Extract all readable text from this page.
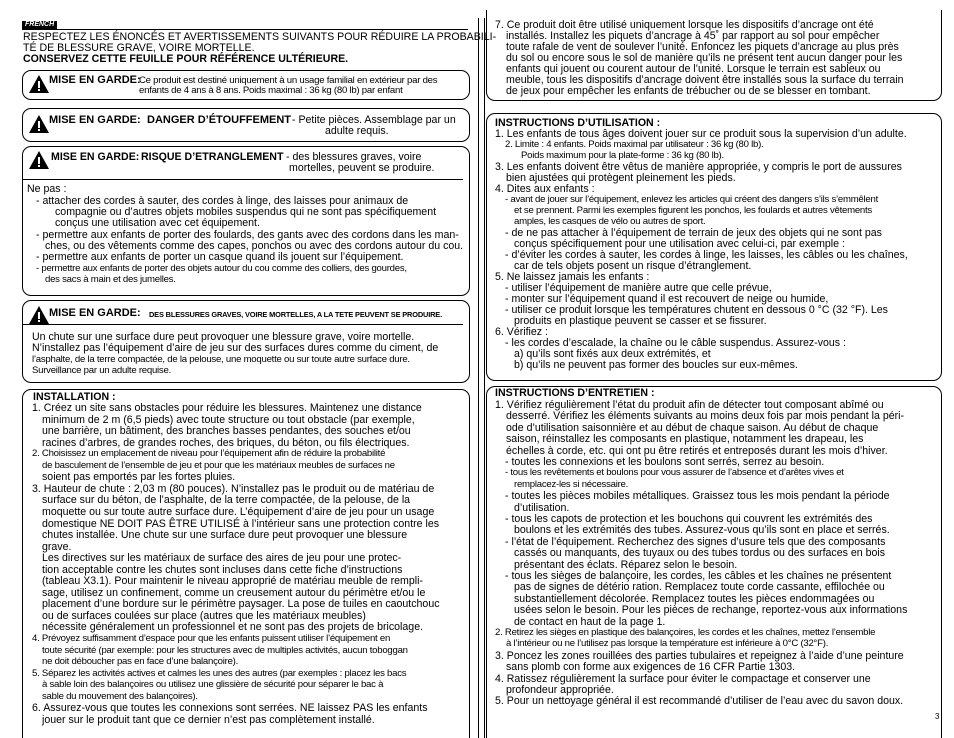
FRENCH
RESPECTEZ LES ÉNONCÉS ET AVERTISSEMENTS SUIVANTS POUR RÉDUIRE LA PROBABILI-
TÉ DE BLESSURE GRAVE, VOIRE MORTELLE.
CONSERVEZ CETTE FEUILLE POUR RÉFÉRENCE ULTÉRIEURE.
MISE EN GARDE:
Ce produit est destiné uniquement à un usage familial en extérieur par des
enfants de 4 ans à 8 ans. Poids maximal : 36 kg (80 lb) par enfant
MISE EN GARDE: DANGER D’ÉTOUFFEMENT - Petite pièces. Assemblage par un
adulte requis.
MISE EN GARDE: RISQUE D’ETRANGLEMENT - des blessures graves, voire
mortelles, peuvent se produire.
Ne pas :
- attacher des cordes à sauter, des cordes à linge, des laisses pour animaux de
compagnie ou d’autres objets mobiles suspendus qui ne sont pas spécifiquement
conçus une utilisation avec cet équipement.
- permettre aux enfants de porter des foulards, des gants avec des cordons dans les man-
ches, ou des vêtements comme des capes, ponchos ou avec des cordons autour du cou.
- permettre aux enfants de porter un casque quand ils jouent sur l’équipement.
- permettre aux enfants de porter des objets autour du cou comme des colliers, des gourdes,
des sacs à main et des jumelles.
MISE EN GARDE: DES BLESSURES GRAVES, VOIRE MORTELLES, A LA TETE PEUVENT SE PRODUIRE.
Un chute sur une surface dure peut provoquer une blessure grave, voire mortelle.
N’installez pas l’équipement d’aire de jeu sur des surfaces dures comme du ciment, de
l’asphalte, de la terre compactée, de la pelouse, une moquette ou sur toute autre surface dure.
Surveillance par un adulte requise.
INSTALLATION :
1. Créez un site sans obstacles pour réduire les blessures. Maintenez une distance
minimum de 2 m (6,5 pieds) avec toute structure ou tout obstacle (par exemple,
une barrière, un bâtiment, des branches basses pendantes, des souches et/ou
racines d’arbres, de grandes roches, des briques, du béton, ou fils électriques.
2. Choisissez un emplacement de niveau pour l’équipement afin de réduire la probabilité
de basculement de l’ensemble de jeu et pour que les matériaux meubles de surfaces ne
soient pas emportés par les fortes pluies.
3. Hauteur de chute : 2,03 m (80 pouces). N’installez pas le produit ou de matériau de
surface sur du béton, de l’asphalte, de la terre compactée, de la pelouse, de la
moquette ou sur toute autre surface dure. L’équipement d’aire de jeu pour un usage
domestique NE DOIT PAS ÊTRE UTILISÉ à l’intérieur sans une protection contre les
chutes installée. Une chute sur une surface dure peut provoquer une blessure
grave.
Les directives sur les matériaux de surface des aires de jeu pour une protec-
tion acceptable contre les chutes sont incluses dans cette fiche d’instructions
(tableau X3.1). Pour maintenir le niveau approprié de matériau meuble de rempli-
sage, utilisez un confinement, comme un creusement autour du périmètre et/ou le
placement d’une bordure sur le périmètre paysager. La pose de tuiles en caoutchouc
ou de surfaces coulées sur place (autres que les matériaux meubles)
nécessite généralement un professionnel et ne sont pas des projets de bricolage.
4. Prévoyez suffisamment d’espace pour que les enfants puissent utiliser l’équipement en
toute sécurité (par exemple: pour les structures avec de multiples activités, aucun toboggan
ne doit déboucher pas en face d’une balançoire).
5. Séparez les activités actives et calmes les unes des autres (par exemples : placez les bacs
à sable loin des balançoires ou utilisez une glissière de sécurité pour séparer le bac à
sable du mouvement des balançoires).
6. Assurez-vous que toutes les connexions sont serrées. NE laissez PAS les enfants
jouer sur le produit tant que ce dernier n’est pas complètement installé.
7. Ce produit doit être utilisé uniquement lorsque les dispositifs d’ancrage ont été
installés. Installez les piquets d’ancrage à 45˚ par rapport au sol pour empêcher
toute rafale de vent de soulever l’unité. Enfoncez les piquets d’ancrage au plus près
du sol ou encore sous le sol de manière qu’ils ne présent tent aucun danger pour les
enfants qui jouent ou courent autour de l’unité. Lorsque le terrain est sableux ou
meuble, tous les dispositifs d’ancrage doivent être installés sous la surface du terrain
de jeux pour empêcher les enfants de trébucher ou de se blesser en tombant.
INSTRUCTIONS D’UTILISATION :
1. Les enfants de tous âges doivent jouer sur ce produit sous la supervision d’un adulte.
2. Limite : 4 enfants. Poids maximal par utilisateur : 36 kg (80 lb).
Poids maximum pour la plate-forme : 36 kg (80 lb).
3. Les enfants doivent être vêtus de manière appropriée, y compris le port de aussures
bien ajustées qui protègent pleinement les pieds.
4. Dites aux enfants :
- avant de jouer sur l’équipement, enlevez les articles qui créent des dangers s’ils s’emmêlent
et se prennent. Parmi les exemples figurent les ponchos, les foulards et autres vêtements
amples, les casques de vélo ou autres de sport.
- de ne pas attacher à l’équipement de terrain de jeux des objets qui ne sont pas
conçus spécifiquement pour une utilisation avec celui-ci, par exemple :
- d’éviter les cordes à sauter, les cordes à linge, les laisses, les câbles ou les chaînes,
car de tels objets posent un risque d’étranglement.
5. Ne laissez jamais les enfants :
- utiliser l’équipement de manière autre que celle prévue,
- monter sur l’équipement quand il est recouvert de neige ou humide,
- utiliser ce produit lorsque les températures chutent en dessous 0 °C (32 °F). Les
produits en plastique peuvent se casser et se fissurer.
6. Vérifiez :
- les cordes d’escalade, la chaîne ou le câble suspendus. Assurez-vous :
a) qu’ils sont fixés aux deux extrémités, et
b) qu’ils ne peuvent pas former des boucles sur eux-mêmes.
INSTRUCTIONS D’ENTRETIEN :
1. Vérifiez régulièrement l’état du produit afin de détecter tout composant abîmé ou
desserré. Vérifiez les éléments suivants au moins deux fois par mois pendant la péri-
ode d’utilisation saisonnière et au début de chaque saison. Au début de chaque
saison, réinstallez les composants en plastique, notamment les drapeau, les
échelles à corde, etc. qui ont pu être retirés et entreposés durant les mois d’hiver.
- toutes les connexions et les boulons sont serrés, serrez au besoin.
- tous les revêtements et boulons pour vous assurer de l’absence et d’arêtes vives et
remplacez-les si nécessaire.
- toutes les pièces mobiles métalliques. Graissez tous les mois pendant la période
d’utilisation.
- tous les capots de protection et les bouchons qui couvrent les extrémités des
boulons et les extrémités des tubes. Assurez-vous qu’ils sont en place et serrés.
- l’état de l’équipement. Recherchez des signes d’usure tels que des composants
cassés ou manquants, des tuyaux ou des tubes tordus ou des surfaces en bois
présentant des éclats. Réparez selon le besoin.
- tous les sièges de balançoire, les cordes, les câbles et les chaînes ne présentent
pas de signes de détério ration. Remplacez toute corde cassante, effilochée ou
substantiellement décolorée. Remplacez toutes les pièces endommagées ou
usées selon le besoin. Pour les pièces de rechange, reportez-vous aux informations
de contact en haut de la page 1.
2. Retirez les sièges en plastique des balançoires, les cordes et les chaînes, mettez l’ensemble
à l’intérieur ou ne l’utilisez pas lorsque la température est inférieure à 0°C (32°F).
3. Poncez les zones rouillées des parties tubulaires et repeignez à l’aide d’une peinture
sans plomb con forme aux exigences de 16 CFR Partie 1303.
4. Ratissez régulièrement la surface pour éviter le compactage et conserver une
profondeur appropriée.
5. Pour un nettoyage général il est recommandé d’utiliser de l’eau avec du savon doux.
3
